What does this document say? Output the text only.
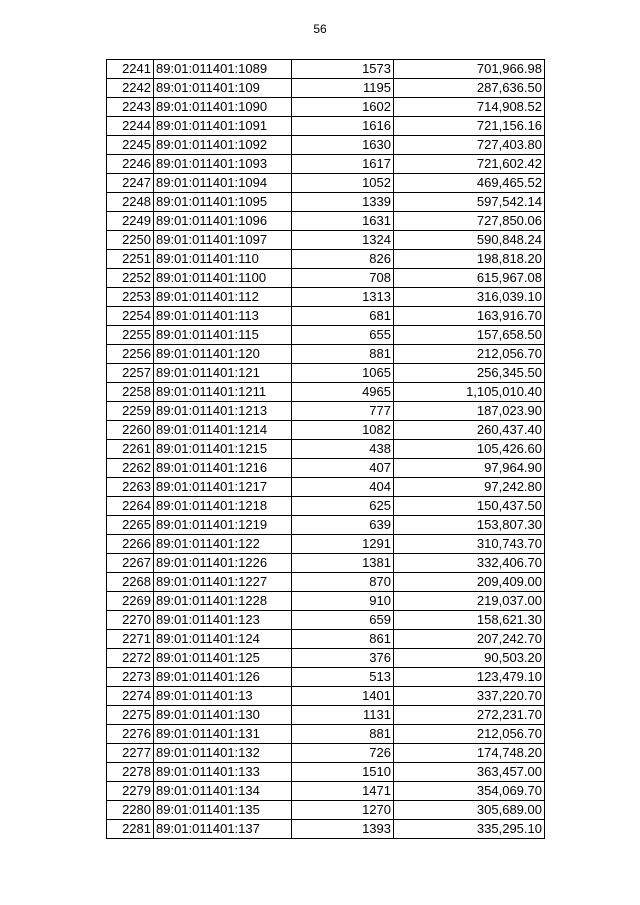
56
2241	89:01:011401:1089	1573	701,966.98
2242	89:01:011401:109	1195	287,636.50
2243	89:01:011401:1090	1602	714,908.52
2244	89:01:011401:1091	1616	721,156.16
2245	89:01:011401:1092	1630	727,403.80
2246	89:01:011401:1093	1617	721,602.42
2247	89:01:011401:1094	1052	469,465.52
2248	89:01:011401:1095	1339	597,542.14
2249	89:01:011401:1096	1631	727,850.06
2250	89:01:011401:1097	1324	590,848.24
2251	89:01:011401:110	826	198,818.20
2252	89:01:011401:1100	708	615,967.08
2253	89:01:011401:112	1313	316,039.10
2254	89:01:011401:113	681	163,916.70
2255	89:01:011401:115	655	157,658.50
2256	89:01:011401:120	881	212,056.70
2257	89:01:011401:121	1065	256,345.50
2258	89:01:011401:1211	4965	1,105,010.40
2259	89:01:011401:1213	777	187,023.90
2260	89:01:011401:1214	1082	260,437.40
2261	89:01:011401:1215	438	105,426.60
2262	89:01:011401:1216	407	97,964.90
2263	89:01:011401:1217	404	97,242.80
2264	89:01:011401:1218	625	150,437.50
2265	89:01:011401:1219	639	153,807.30
2266	89:01:011401:122	1291	310,743.70
2267	89:01:011401:1226	1381	332,406.70
2268	89:01:011401:1227	870	209,409.00
2269	89:01:011401:1228	910	219,037.00
2270	89:01:011401:123	659	158,621.30
2271	89:01:011401:124	861	207,242.70
2272	89:01:011401:125	376	90,503.20
2273	89:01:011401:126	513	123,479.10
2274	89:01:011401:13	1401	337,220.70
2275	89:01:011401:130	1131	272,231.70
2276	89:01:011401:131	881	212,056.70
2277	89:01:011401:132	726	174,748.20
2278	89:01:011401:133	1510	363,457.00
2279	89:01:011401:134	1471	354,069.70
2280	89:01:011401:135	1270	305,689.00
2281	89:01:011401:137	1393	335,295.10
